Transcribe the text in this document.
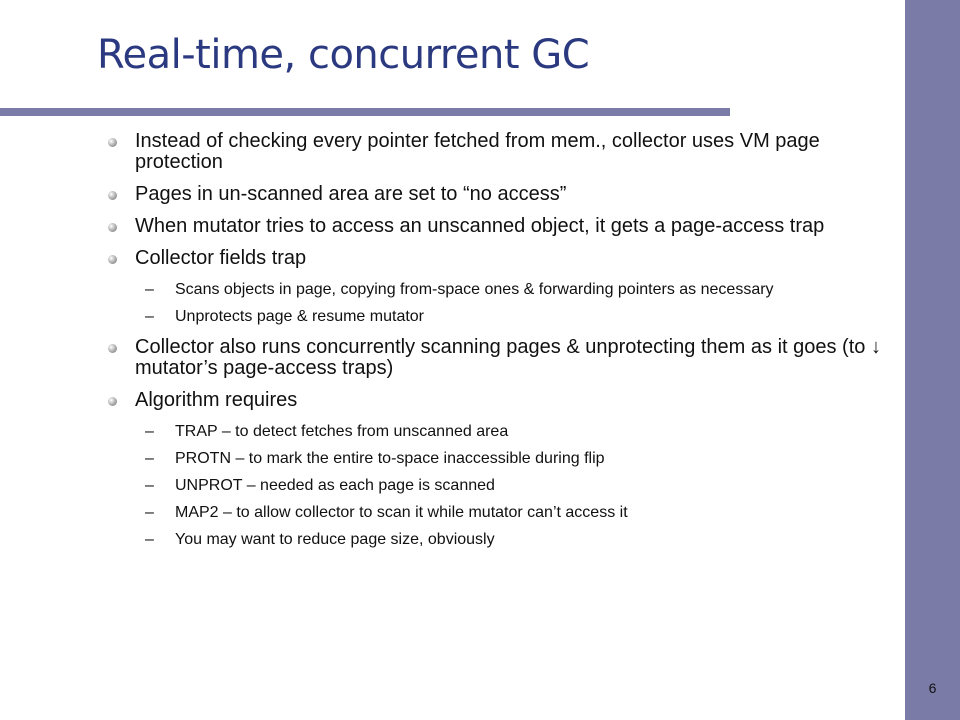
Real-time, concurrent GC
Instead of checking every pointer fetched from mem., collector uses VM page protection
Pages in un-scanned area are set to “no access”
When mutator tries to access an unscanned object, it gets a page-access trap
Collector fields trap
– Scans objects in page, copying from-space ones & forwarding pointers as necessary
– Unprotects page & resume mutator
Collector also runs concurrently scanning pages & unprotecting them as it goes (to ↓ mutator’s page-access traps)
Algorithm requires
– TRAP – to detect fetches from unscanned area
– PROTN – to mark the entire to-space inaccessible during flip
– UNPROT – needed as each page is scanned
– MAP2 – to allow collector to scan it while mutator can’t access it
– You may want to reduce page size, obviously
6
